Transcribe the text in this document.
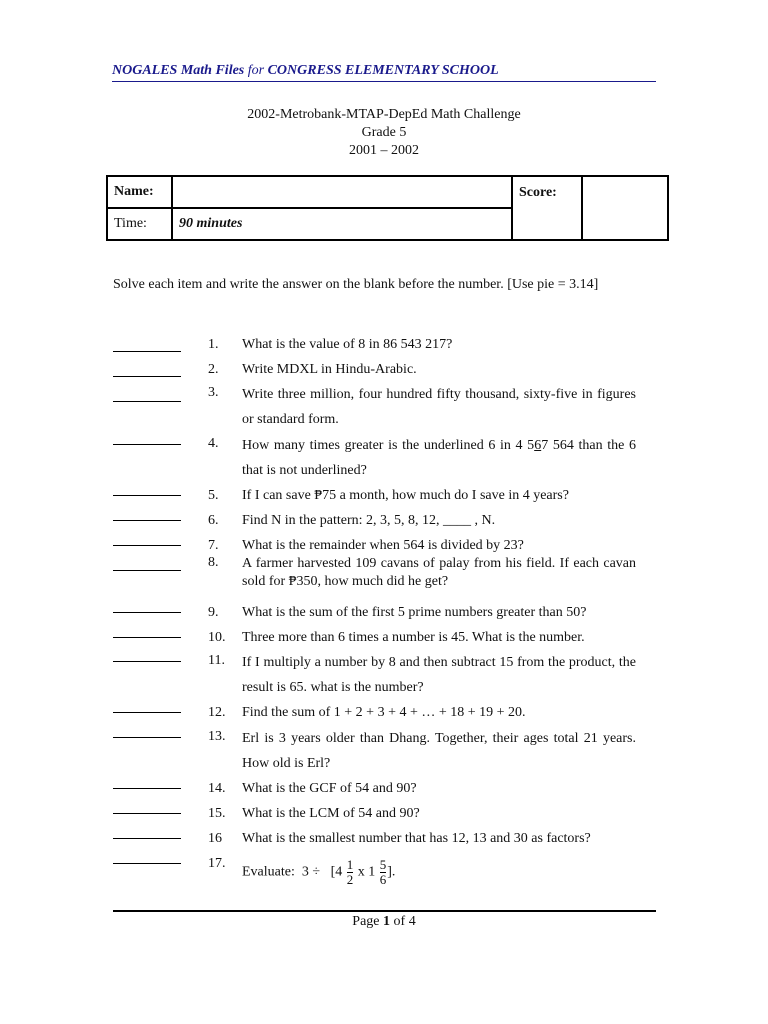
NOGALES Math Files for CONGRESS ELEMENTARY SCHOOL
2002-Metrobank-MTAP-DepEd Math Challenge
Grade 5
2001 – 2002
Name:		Score:	
Time:	90 minutes		
Solve each item and write the answer on the blank before the number. [Use pie = 3.14]
1.	What is the value of 8 in 86 543 217?
2.	Write MDXL in Hindu-Arabic.
3.	Write three million, four hundred fifty thousand, sixty-five in figures or standard form.
4.	How many times greater is the underlined 6 in 4 567 564 than the 6 that is not underlined?
5.	If I can save ₱75 a month, how much do I save in 4 years?
6.	Find N in the pattern: 2, 3, 5, 8, 12, ____ , N.
7.	What is the remainder when 564 is divided by 23?
8.	A farmer harvested 109 cavans of palay from his field. If each cavan sold for ₱350, how much did he get?
9.	What is the sum of the first 5 prime numbers greater than 50?
10.	Three more than 6 times a number is 45. What is the number.
11.	If I multiply a number by 8 and then subtract 15 from the product, the result is 65. what is the number?
12.	Find the sum of 1 + 2 + 3 + 4 + … + 18 + 19 + 20.
13.	Erl is 3 years older than Dhang. Together, their ages total 21 years. How old is Erl?
14.	What is the GCF of 54 and 90?
15.	What is the LCM of 54 and 90?
16	What is the smallest number that has 12, 13 and 30 as factors?
17.
Evaluate: $3 \div [4 \frac{1}{2}$ x $1 \frac{5}{6}$ ].
Page 1 of 4
